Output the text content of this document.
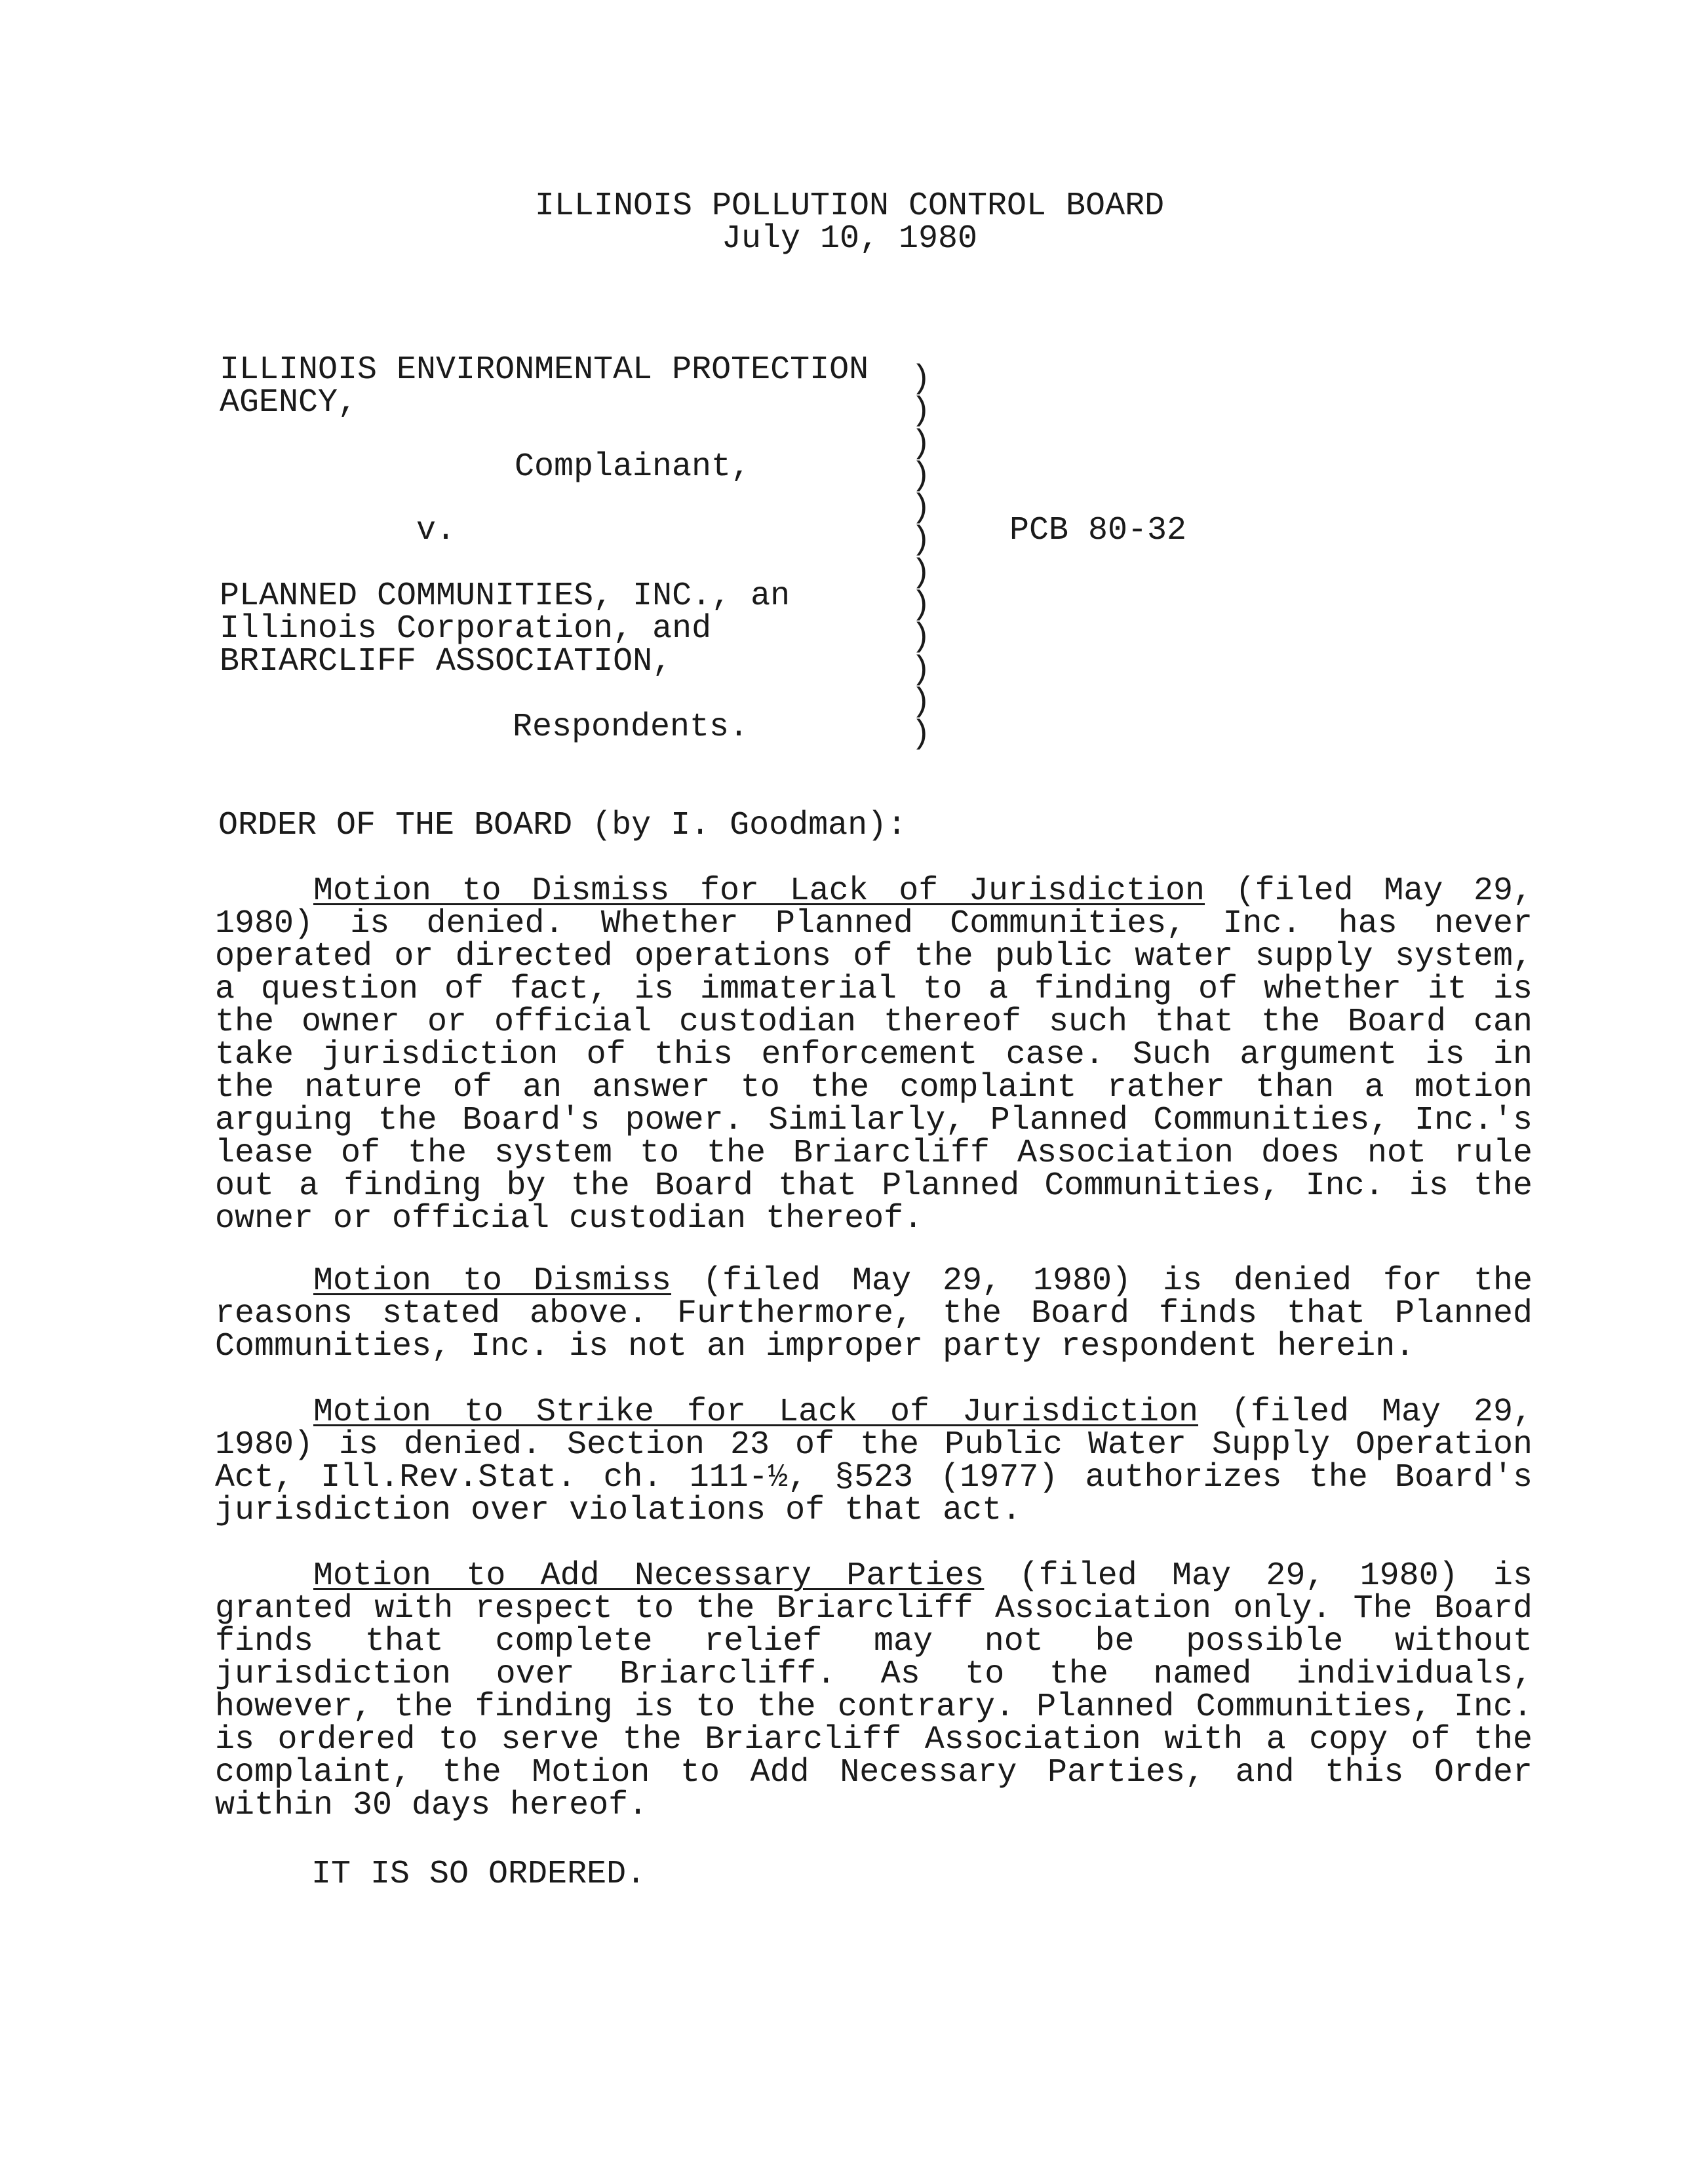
ILLINOIS POLLUTION CONTROL BOARD
July 10, 1980
ILLINOIS ENVIRONMENTAL PROTECTION
AGENCY,
Complainant,
v.
PLANNED COMMUNITIES, INC., an
Illinois Corporation, and
BRIARCLIFF ASSOCIATION,
Respondents.
)
)
)
)
)
)
)
)
)
)
)
)
PCB 80-32
ORDER OF THE BOARD (by I. Goodman):

Motion to Dismiss for Lack of Jurisdiction (filed May 29, 1980) is denied. Whether Planned Communities, Inc. has never operated or directed operations of the public water supply system, a question of fact, is immaterial to a finding of whether it is the owner or official custodian thereof such that the Board can take jurisdiction of this enforcement case. Such argument is in the nature of an answer to the complaint rather than a motion arguing the Board's power. Similarly, Planned Communities, Inc.'s lease of the system to the Briarcliff Association does not rule out a finding by the Board that Planned Communities, Inc. is the owner or official custodian thereof.

Motion to Dismiss (filed May 29, 1980) is denied for the reasons stated above. Furthermore, the Board finds that Planned Communities, Inc. is not an improper party respondent herein.

Motion to Strike for Lack of Jurisdiction (filed May 29, 1980) is denied. Section 23 of the Public Water Supply Operation Act, Ill.Rev.Stat. ch. 111-½, §523 (1977) authorizes the Board's jurisdiction over violations of that act.

Motion to Add Necessary Parties (filed May 29, 1980) is granted with respect to the Briarcliff Association only. The Board finds that complete relief may not be possible without jurisdiction over Briarcliff. As to the named individuals, however, the finding is to the contrary. Planned Communities, Inc. is ordered to serve the Briarcliff Association with a copy of the complaint, the Motion to Add Necessary Parties, and this Order within 30 days hereof.

IT IS SO ORDERED.
